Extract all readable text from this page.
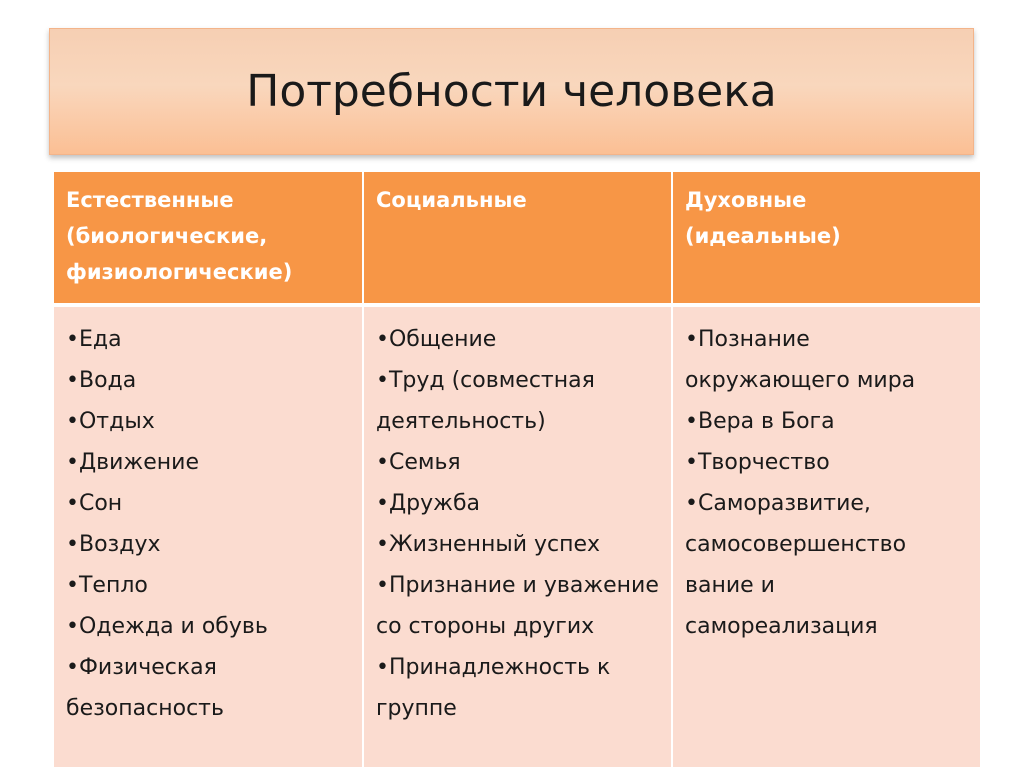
Потребности человека
Естественные (биологические, физиологические)
Социальные	Духовные (идеальные)
•Еда
•Вода
•Отдых
•Движение
•Сон
•Воздух
•Тепло
•Одежда и обувь
•Физическая безопасность
•Общение
•Труд (совместная деятельность)
•Семья
•Дружба
•Жизненный успех
•Признание и уважение со стороны других
•Принадлежность к группе
•Познание окружающего мира
•Вера в Бога
•Творчество
•Саморазвитие, самосовершенство вание и самореализация
